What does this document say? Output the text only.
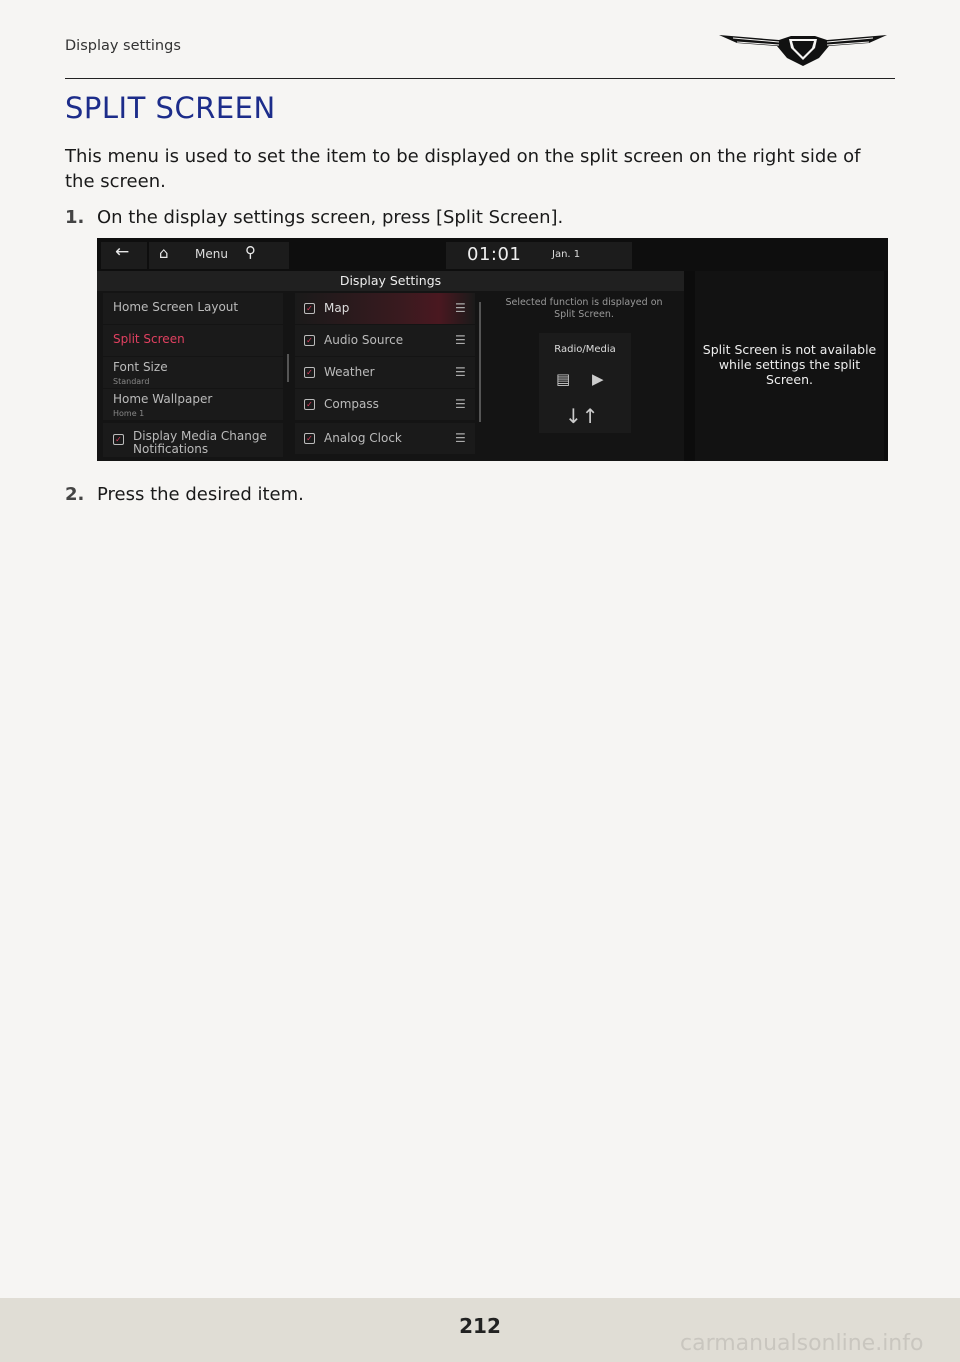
Display settings
SPLIT SCREEN

This menu is used to set the item to be displayed on the split screen on the right side of the screen.

1. On the display settings screen, press [Split Screen].
← ⌂ Menu ⚲	01:01	Jan. 1
Display Settings
Home Screen Layout
Split Screen
Font Size
Standard
Home Wallpaper
Home 1
✓ Display Media Change Notifications
✓ Map	☰
✓ Audio Source	☰
✓ Weather	☰
✓ Compass	☰
✓ Analog Clock	☰
Selected function is displayed on Split Screen.
Radio/Media
▤ ▶
↓↑
Split Screen is not available while settings the split Screen.
2. Press the desired item.
212
carmanualsonline.info
